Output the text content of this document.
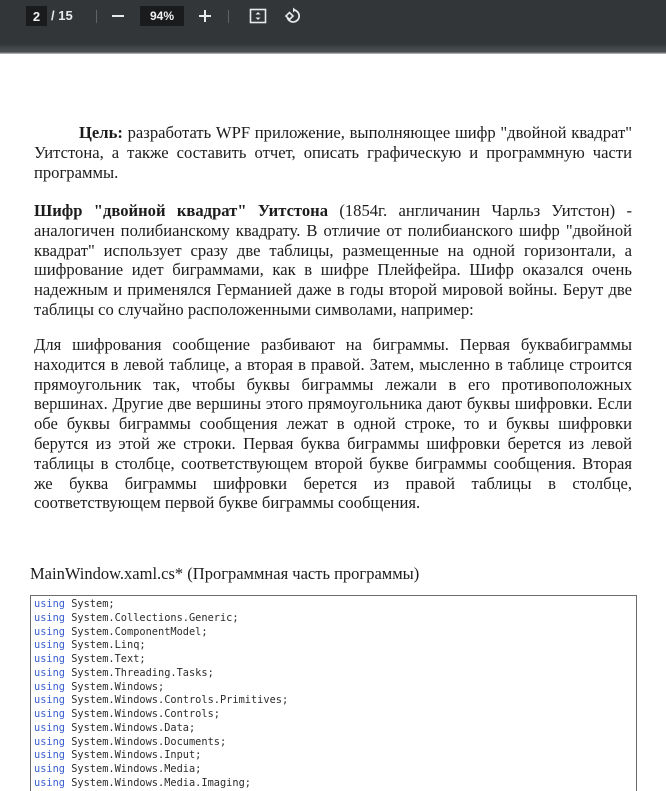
2 / 15	94%

Цель: разработать WPF приложение, выполняющее шифр "двойной квадрат" Уитстона, а также составить отчет, описать графическую и программную части программы.

Шифр "двойной квадрат" Уитстона (1854г. англичанин Чарльз Уитстон) - аналогичен полибианскому квадрату. В отличие от полибианского шифр "двойной квадрат" использует сразу две таблицы, размещенные на одной горизонтали, а шифрование идет биграммами, как в шифре Плейфейра. Шифр оказался очень надежным и применялся Германией даже в годы второй мировой войны. Берут две таблицы со случайно расположенными символами, например:

Для шифрования сообщение разбивают на биграммы. Первая буквабиграммы находится в левой таблице, а вторая в правой. Затем, мысленно в таблице строится прямоугольник так, чтобы буквы биграммы лежали в его противоположных вершинах. Другие две вершины этого прямоугольника дают буквы шифровки. Если обе буквы биграммы сообщения лежат в одной строке, то и буквы шифровки берутся из этой же строки. Первая буква биграммы шифровки берется из левой таблицы в столбце, соответствующем второй букве биграммы сообщения. Вторая же буква биграммы шифровки берется из правой таблицы в столбце, соответствующем первой букве биграммы сообщения.

MainWindow.xaml.cs* (Программная часть программы)
using System;
using System.Collections.Generic;
using System.ComponentModel;
using System.Linq;
using System.Text;
using System.Threading.Tasks;
using System.Windows;
using System.Windows.Controls.Primitives;
using System.Windows.Controls;
using System.Windows.Data;
using System.Windows.Documents;
using System.Windows.Input;
using System.Windows.Media;
using System.Windows.Media.Imaging;
